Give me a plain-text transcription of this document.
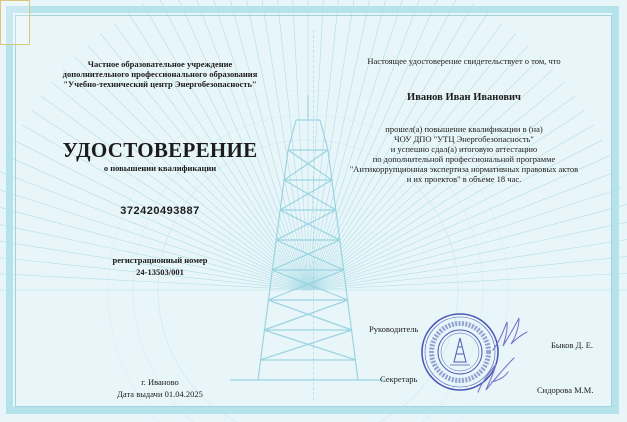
Частное образовательное учреждение
дополнительного профессионального образования
"Учебно-технический центр Энергобезопасность"
УДОСТОВЕРЕНИЕ
о повышении квалификации
372420493887
регистрационный номер
24-13503/001
г. Иваново
Дата выдачи 01.04.2025
Настоящее удостоверение свидетельствует о том, что
Иванов Иван Иванович
прошел(а) повышение квалификации в (на)
ЧОУ ДПО "УТЦ Энергобезопасность"
и успешно сдал(а) итоговую аттестацию
по дополнительной профессиональной программе
"Антикоррупционная экспертиза нормативных правовых актов
и их проектов" в объеме 18 час.
Руководитель
Быков Д. Е.
Секретарь
Сидорова М.М.
